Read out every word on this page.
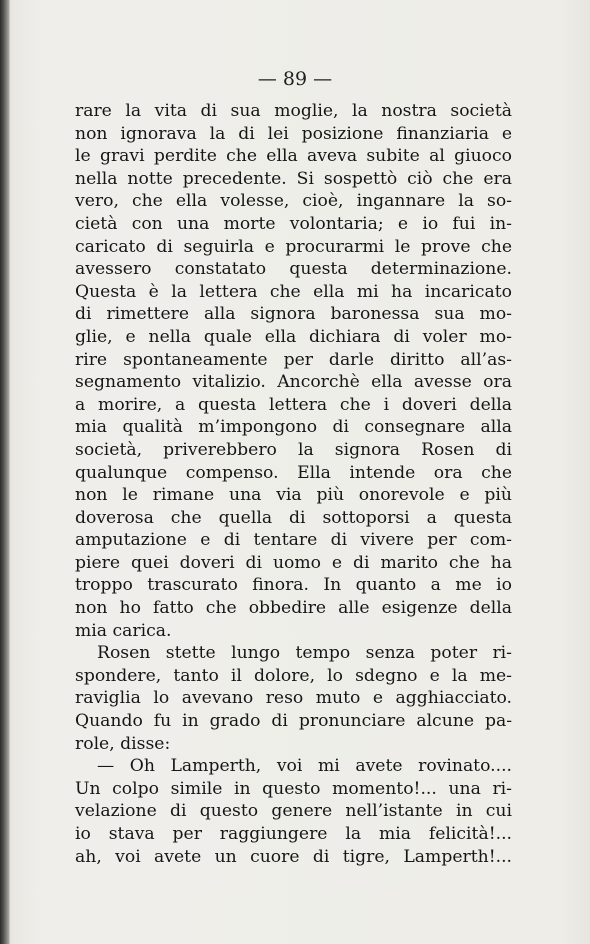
— 89 —
rare la vita di sua moglie, la nostra società
non ignorava la di lei posizione finanziaria e
le gravi perdite che ella aveva subite al giuoco
nella notte precedente. Si sospettò ciò che era
vero, che ella volesse, cioè, ingannare la so-
cietà con una morte volontaria; e io fui in-
caricato di seguirla e procurarmi le prove che
avessero constatato questa determinazione.
Questa è la lettera che ella mi ha incaricato
di rimettere alla signora baronessa sua mo-
glie, e nella quale ella dichiara di voler mo-
rire spontaneamente per darle diritto all’as-
segnamento vitalizio. Ancorchè ella avesse ora
a morire, a questa lettera che i doveri della
mia qualità m’impongono di consegnare alla
società, priverebbero la signora Rosen di
qualunque compenso. Ella intende ora che
non le rimane una via più onorevole e più
doverosa che quella di sottoporsi a questa
amputazione e di tentare di vivere per com-
piere quei doveri di uomo e di marito che ha
troppo trascurato finora. In quanto a me io
non ho fatto che obbedire alle esigenze della
mia carica.
Rosen stette lungo tempo senza poter ri-
spondere, tanto il dolore, lo sdegno e la me-
raviglia lo avevano reso muto e agghiacciato.
Quando fu in grado di pronunciare alcune pa-
role, disse:
— Oh Lamperth, voi mi avete rovinato....
Un colpo simile in questo momento!... una ri-
velazione di questo genere nell’istante in cui
io stava per raggiungere la mia felicità!...
ah, voi avete un cuore di tigre, Lamperth!...
